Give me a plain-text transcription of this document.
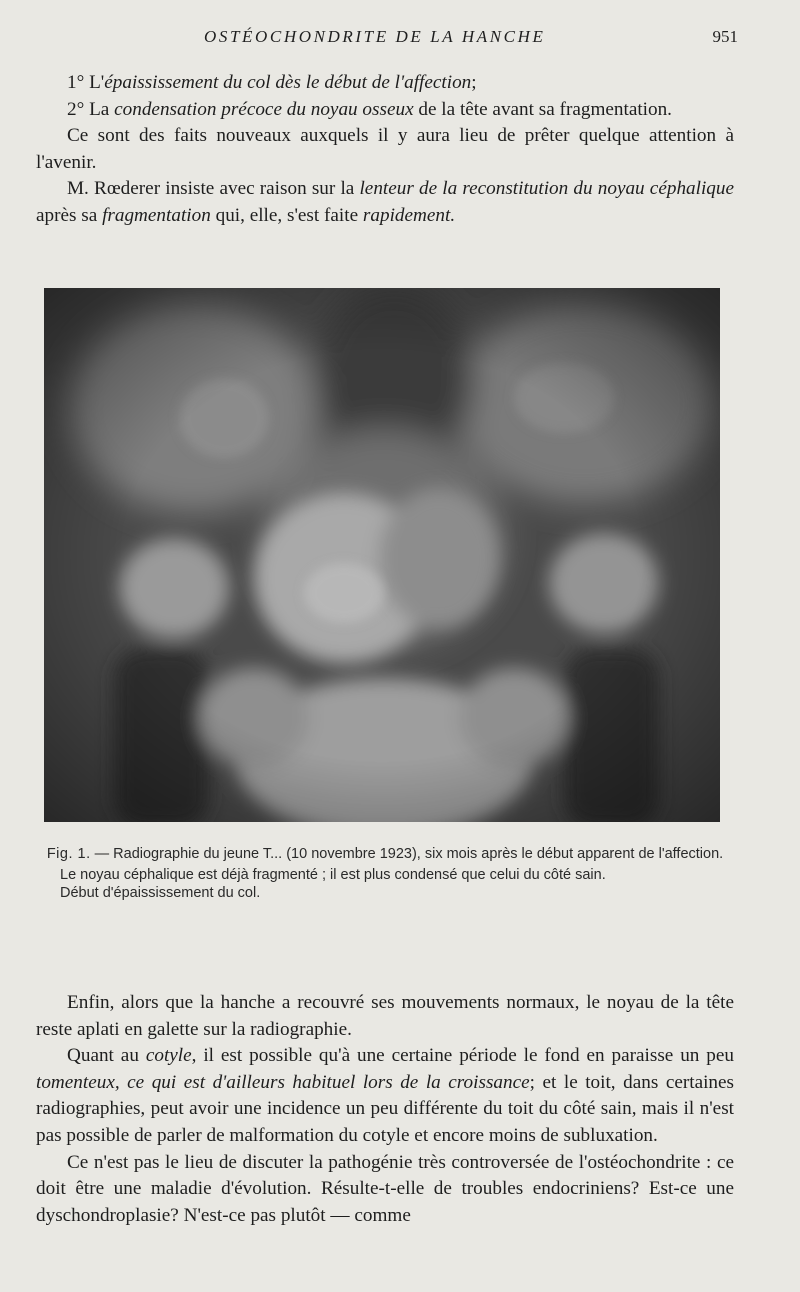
OSTÉOCHONDRITE DE LA HANCHE	951

1° L'épaississement du col dès le début de l'affection;

2° La condensation précoce du noyau osseux de la tête avant sa fragmentation.

Ce sont des faits nouveaux auxquels il y aura lieu de prêter quelque attention à l'avenir.

M. Rœderer insiste avec raison sur la lenteur de la reconstitution du noyau céphalique après sa fragmentation qui, elle, s'est faite rapidement.

Fig. 1. — Radiographie du jeune T... (10 novembre 1923), six mois après le début apparent de l'affection.

Le noyau céphalique est déjà fragmenté ; il est plus condensé que celui du côté sain.

Début d'épaississement du col.

Enfin, alors que la hanche a recouvré ses mouvements normaux, le noyau de la tête reste aplati en galette sur la radiographie.

Quant au cotyle, il est possible qu'à une certaine période le fond en paraisse un peu tomenteux, ce qui est d'ailleurs habituel lors de la croissance; et le toit, dans certaines radiographies, peut avoir une incidence un peu différente du toit du côté sain, mais il n'est pas possible de parler de malformation du cotyle et encore moins de subluxation.

Ce n'est pas le lieu de discuter la pathogénie très controversée de l'ostéochondrite : ce doit être une maladie d'évolution. Résulte-t-elle de troubles endocriniens? Est-ce une dyschondroplasie? N'est-ce pas plutôt — comme
